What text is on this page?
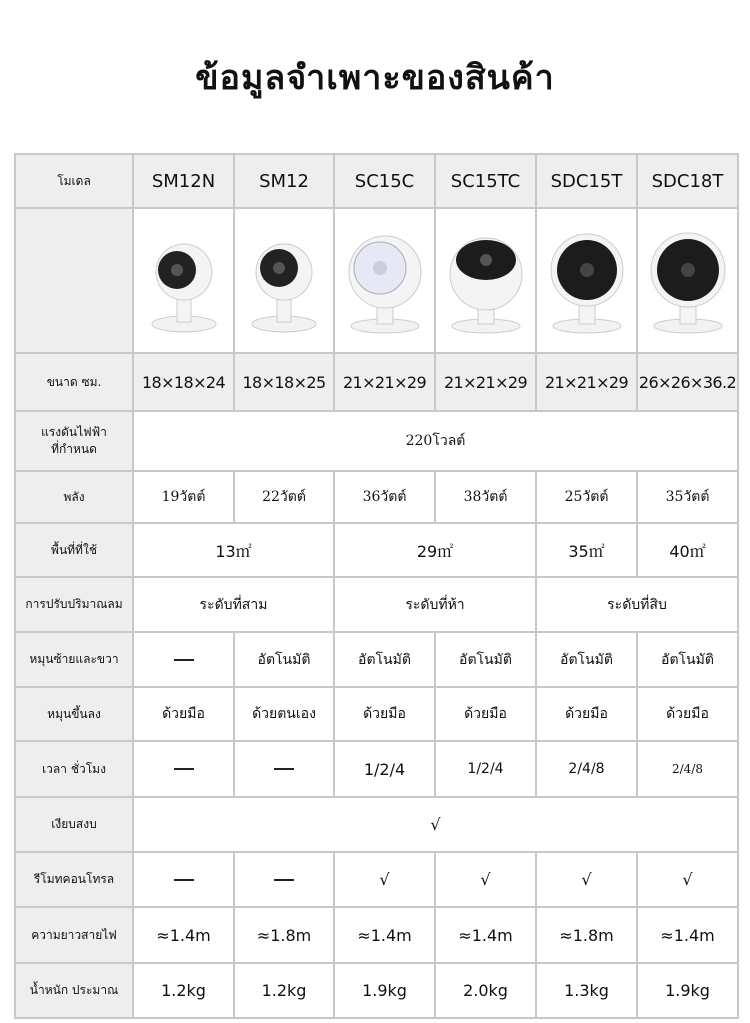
ข้อมูลจำเพาะของสินค้า
โมเดล	SM12N	SM12	SC15C	SC15TC	SDC15T	SDC18T

ขนาด ซม.	18×18×24	18×18×25	21×21×29	21×21×29	21×21×29	26×26×36.2

แรงดันไฟฟ้า
ที่กำหนด	220โวลต์					
พลัง	19วัตต์	22วัตต์	36วัตต์	38วัตต์	25วัตต์	35วัตต์
พื้นที่ที่ใช้	13㎡		29㎡		35㎡	40㎡
การปรับปริมาณลม	ระดับที่สาม		ระดับที่ห้า		ระดับที่สิบ	
หมุนซ้ายและขวา		อัตโนมัติ	อัตโนมัติ	อัตโนมัติ	อัตโนมัติ	อัตโนมัติ
หมุนขึ้นลง	ด้วยมือ	ด้วยตนเอง	ด้วยมือ	ด้วยมือ	ด้วยมือ	ด้วยมือ
เวลา ชั่วโมง			1/2/4	1/2/4	2/4/8	2/4/8
เงียบสงบ	√					
รีโมทคอนโทรล			√	√	√	√
ความยาวสายไฟ	≈1.4m	≈1.8m	≈1.4m	≈1.4m	≈1.8m	≈1.4m
น้ำหนัก ประมาณ	1.2kg	1.2kg	1.9kg	2.0kg	1.3kg	1.9kg
